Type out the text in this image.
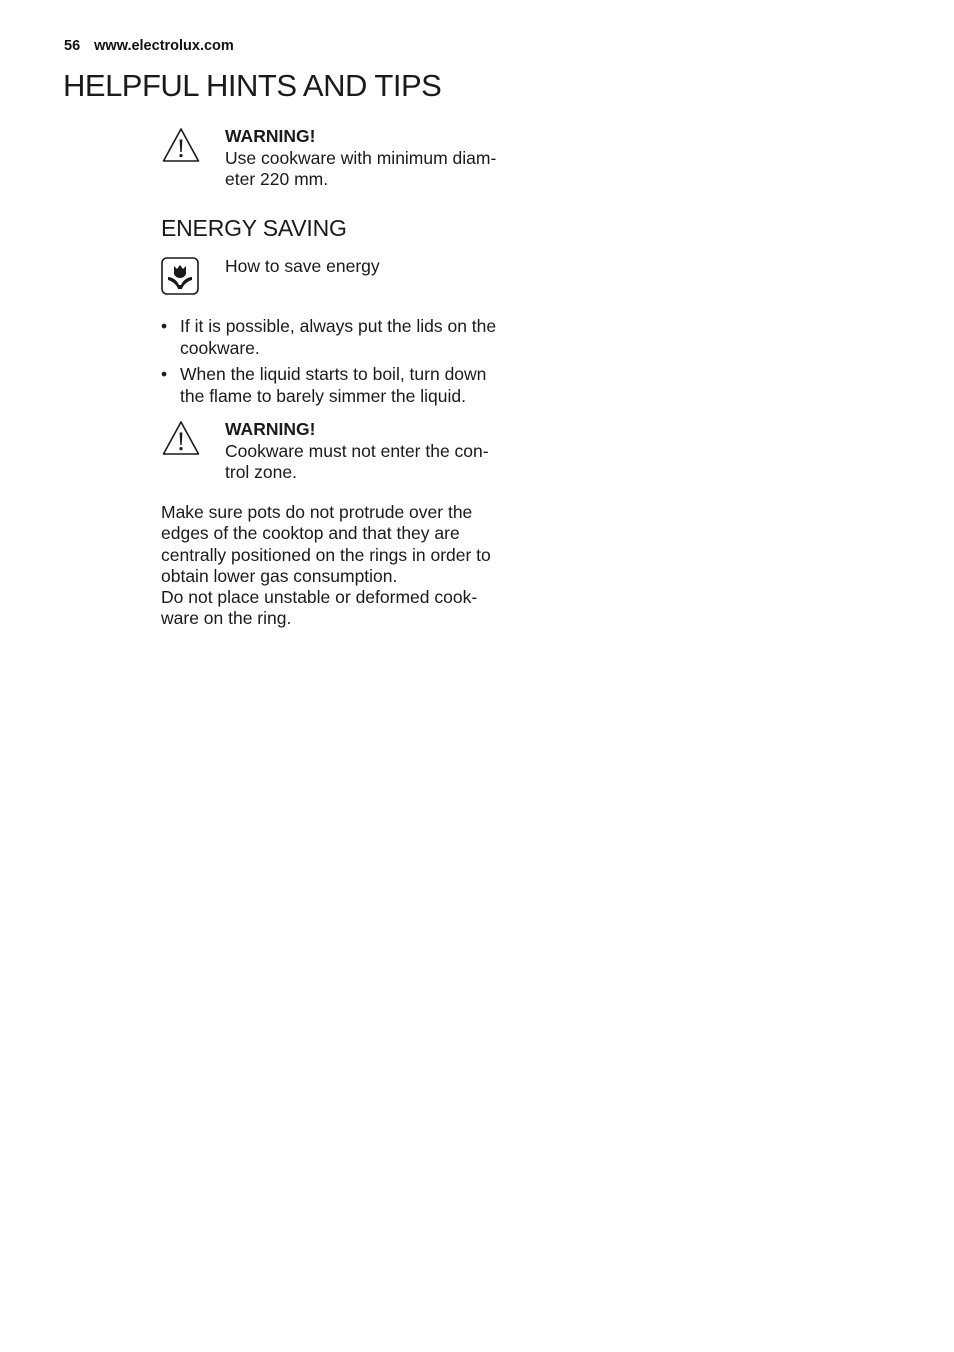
56 www.electrolux.com
HELPFUL HINTS AND TIPS
WARNING!
Use cookware with minimum diam-
eter 220 mm.
ENERGY SAVING
How to save energy
• If it is possible, always put the lids on the
cookware.
• When the liquid starts to boil, turn down
the flame to barely simmer the liquid.
WARNING!
Cookware must not enter the con-
trol zone.

Make sure pots do not protrude over the
edges of the cooktop and that they are
centrally positioned on the rings in order to
obtain lower gas consumption.
Do not place unstable or deformed cook-
ware on the ring.
